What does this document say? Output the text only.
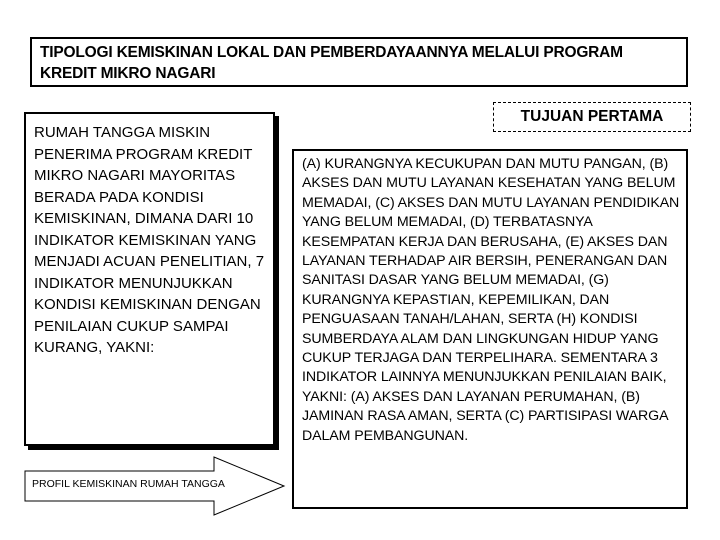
TIPOLOGI KEMISKINAN LOKAL DAN PEMBERDAYAANNYA MELALUI PROGRAM KREDIT MIKRO NAGARI
RUMAH TANGGA MISKIN PENERIMA PROGRAM KREDIT MIKRO NAGARI MAYORITAS BERADA PADA KONDISI KEMISKINAN, DIMANA DARI 10 INDIKATOR KEMISKINAN YANG MENJADI ACUAN PENELITIAN, 7 INDIKATOR MENUNJUKKAN KONDISI KEMISKINAN DENGAN PENILAIAN CUKUP SAMPAI KURANG, YAKNI:
PROFIL KEMISKINAN RUMAH TANGGA
TUJUAN PERTAMA
(A) KURANGNYA KECUKUPAN DAN MUTU PANGAN, (B) AKSES DAN MUTU LAYANAN KESEHATAN YANG BELUM MEMADAI, (C) AKSES DAN MUTU LAYANAN PENDIDIKAN YANG BELUM MEMADAI, (D) TERBATASNYA KESEMPATAN KERJA DAN BERUSAHA, (E) AKSES DAN LAYANAN TERHADAP AIR BERSIH, PENERANGAN DAN SANITASI DASAR YANG BELUM MEMADAI, (G) KURANGNYA KEPASTIAN, KEPEMILIKAN, DAN PENGUASAAN TANAH/LAHAN, SERTA (H) KONDISI SUMBERDAYA ALAM DAN LINGKUNGAN HIDUP YANG CUKUP TERJAGA DAN TERPELIHARA. SEMENTARA 3 INDIKATOR LAINNYA MENUNJUKKAN PENILAIAN BAIK, YAKNI: (A) AKSES DAN LAYANAN PERUMAHAN, (B) JAMINAN RASA AMAN, SERTA (C) PARTISIPASI WARGA DALAM PEMBANGUNAN.
